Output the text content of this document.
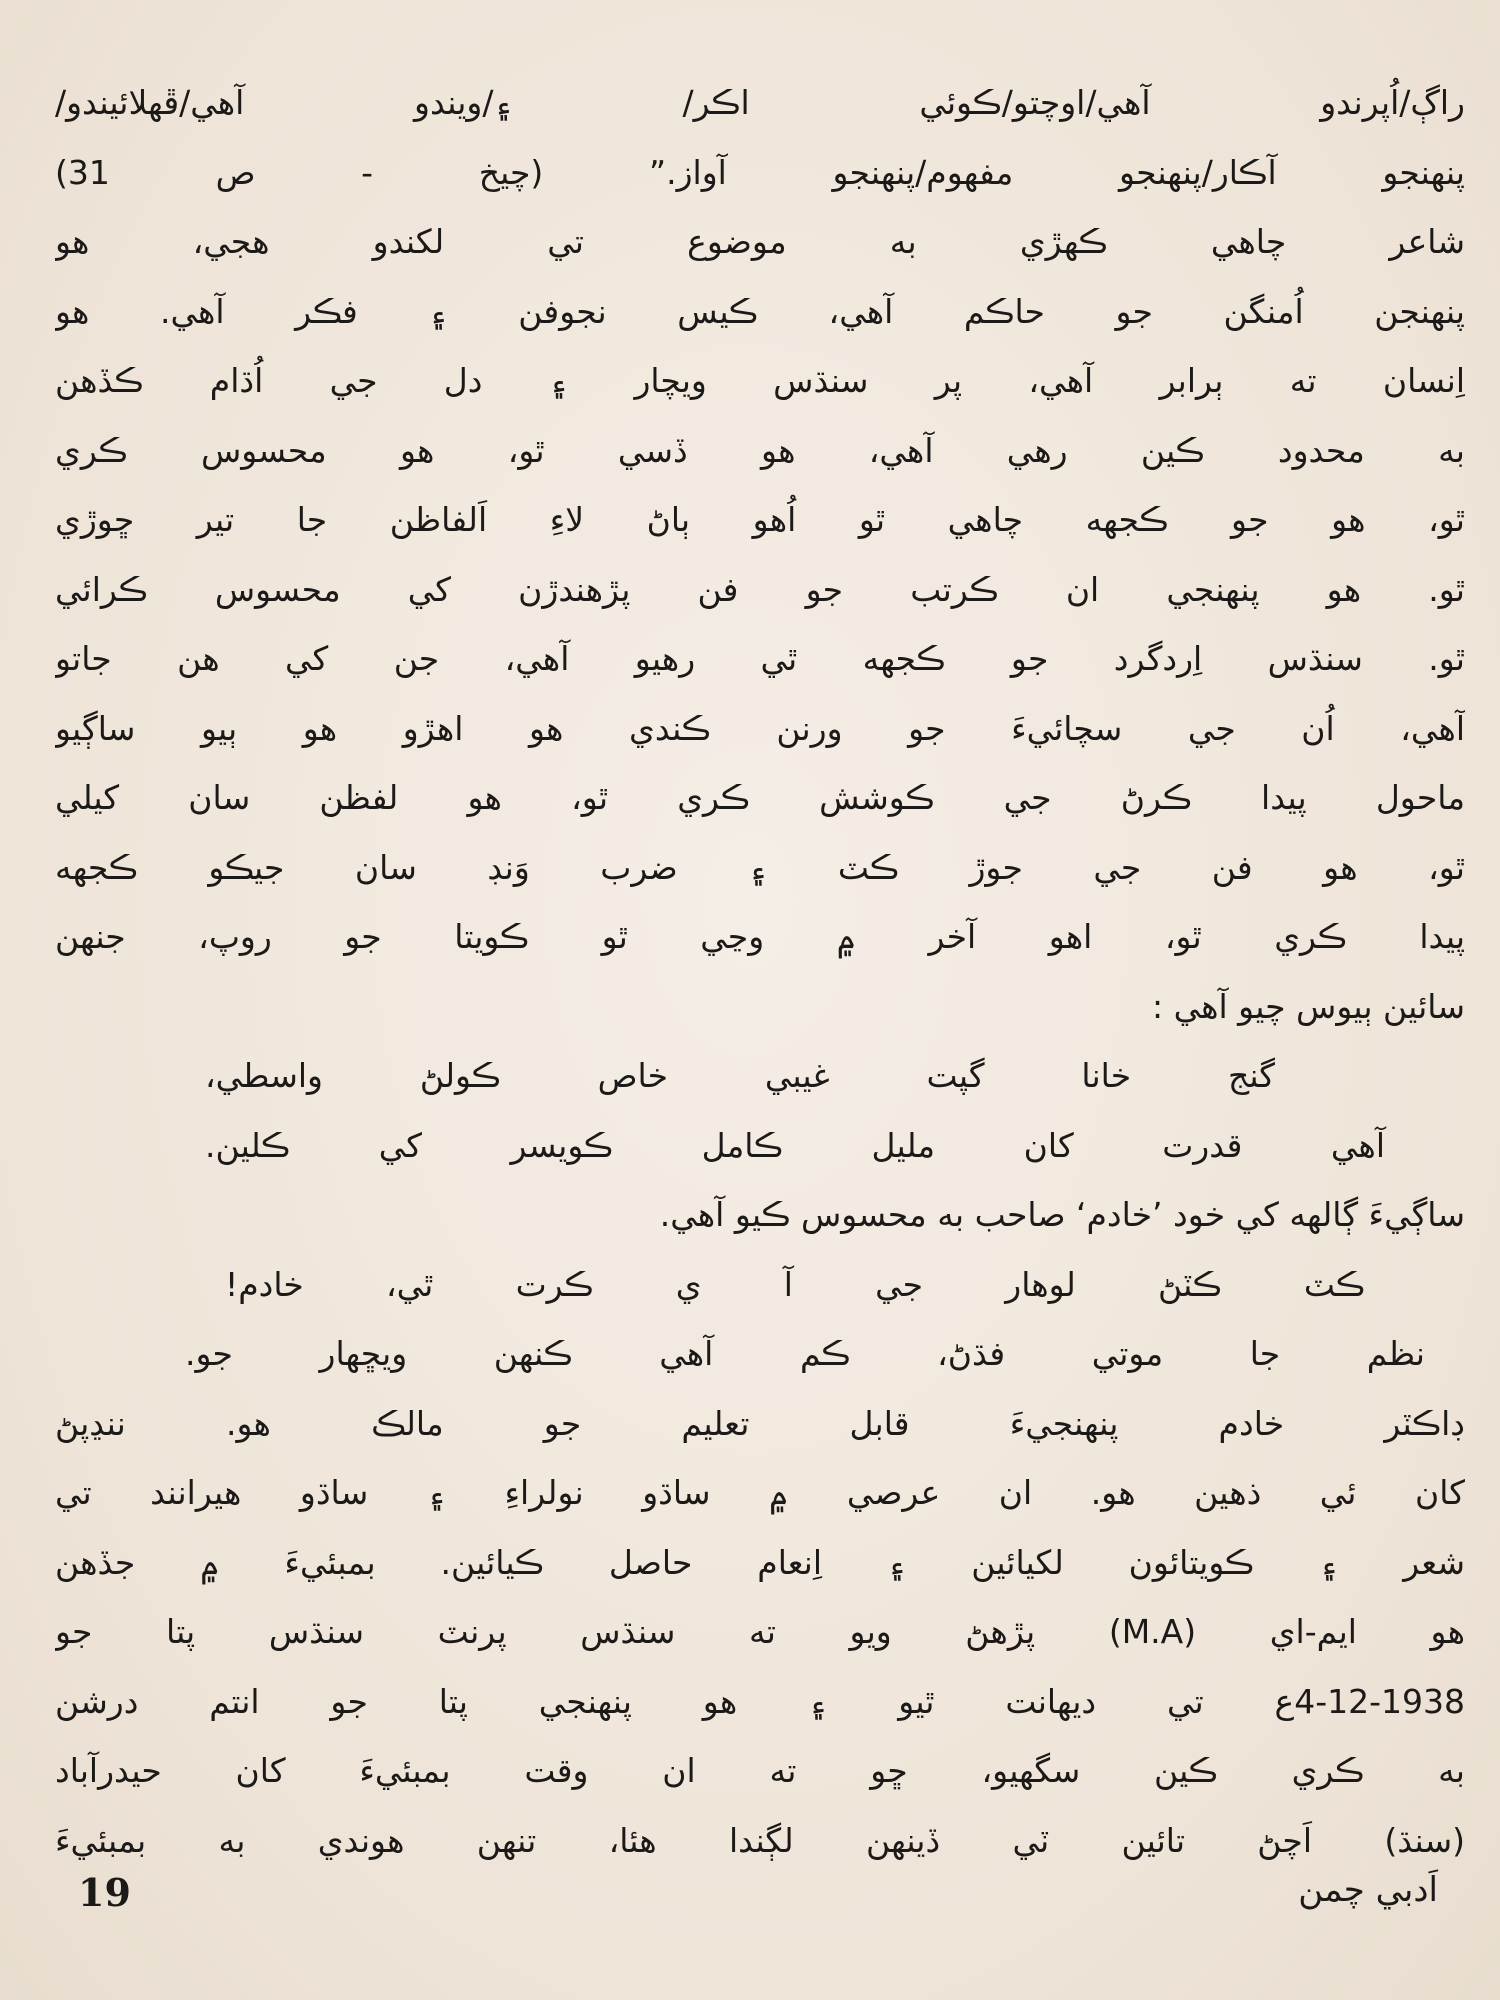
راڳ/اُپرندو آهي/اوچتو/ڪوئي اڪر/ ۽/ويندو آهي/ڦهلائيندو/
پنهنجو آڪار/پنهنجو مفهوم/پنهنجو آواز.” (چيخ - ص 31)
شاعر چاهي ڪهڙي به موضوع تي لکندو هجي، هو
پنهنجن اُمنگن جو حاڪم آهي، ڪيس نجوفن ۽ فڪر آهي. هو
اِنسان ته ٻرابر آهي، پر سنڌس ويچار ۽ دل جي اُڌام ڪڏهن
به محدود ڪين رهي آهي، هو ڏسي ٿو، هو محسوس ڪري
ٿو، هو جو ڪجهه چاهي ٿو اُهو ٻاڻ لاءِ اَلفاظن جا تير ڇوڙي
ٿو. هو پنهنجي ان ڪرتب جو فن پڙهندڙن کي محسوس ڪرائي
ٿو. سنڌس اِردگرد جو ڪجهه ٿي رهيو آهي، جن کي هن جاتو
آهي، اُن جي سچائيءَ جو ورنن ڪندي هو اهڙو هو ٻيو ساڳيو
ماحول پيدا ڪرڻ جي ڪوشش ڪري ٿو، هو لفظن سان کيلي
ٿو، هو فن جي جوڙ ڪٽ ۽ ضرب وَنڊ سان جيڪو ڪجهه
پيدا ڪري ٿو، اهو آخر ۾ وڃي ٿو ڪويتا جو روپ، جنهن
سائين ٻيوس چيو آهي :
گنج خانا گپت غيبي خاص ڪولڻ واسطي،
آهي قدرت کان مليل ڪامل ڪويسر کي ڪلين.
ساڳيءَ ڳالهه کي خود ’خادم‘ صاحب به محسوس ڪيو آهي.
ڪٽ ڪٽڻ لوهار جي آ ي ڪرت ٿي، خادم!
نظم جا موتي فڌڻ، ڪم آهي ڪنهن ويڇهار جو.
ڊاڪٽر خادم پنهنجيءَ قابل تعليم جو مالڪ هو. ننڍپڻ
کان ئي ذهين هو. ان عرصي ۾ ساڌو نولراءِ ۽ ساڌو هيرانند تي
شعر ۽ ڪويتائون لکيائين ۽ اِنعام حاصل ڪيائين. بمبئيءَ ۾ جڏهن
هو ايم-اي (M.A) پڙهڻ ويو ته سنڌس پرنٽ سنڌس پتا جو
4-12-1938ع تي ديهانت ٿيو ۽ هو پنهنجي پتا جو انتم درشن
به ڪري ڪين سگهيو، ڇو ته ان وقت بمبئيءَ کان حيدرآباد
(سنڌ) اَچڻ تائين ٽي ڏينهن لڳندا هئا، تنهن هوندي به بمبئيءَ
19	اَدبي چمن
